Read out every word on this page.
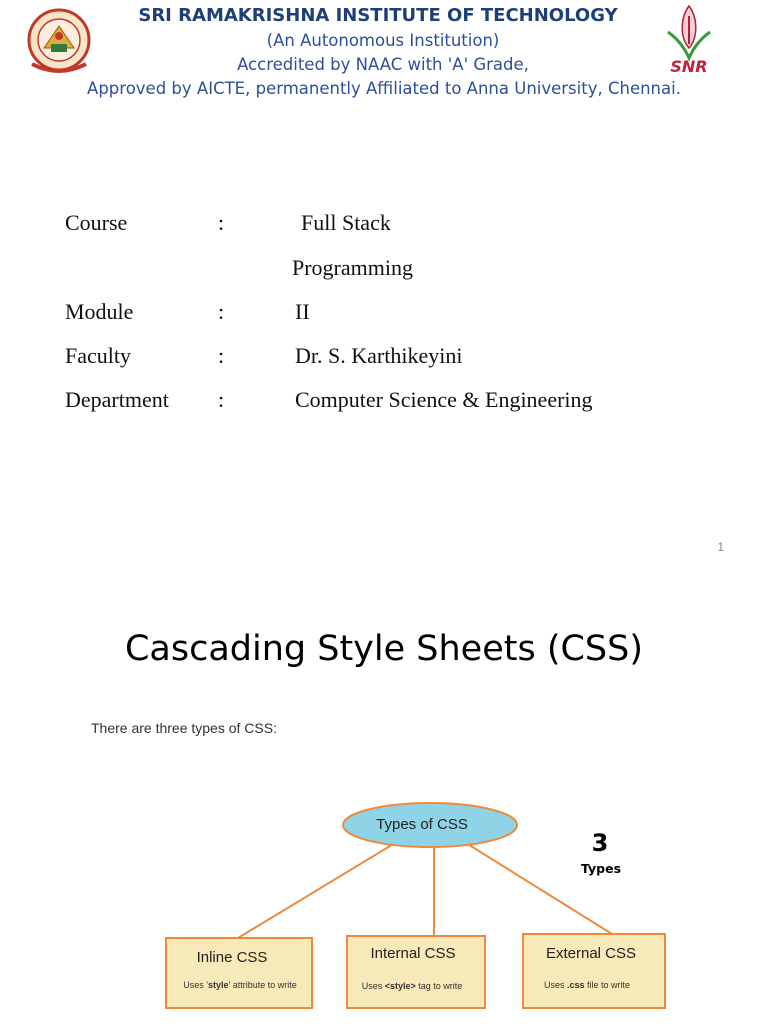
SNR
SRI RAMAKRISHNA INSTITUTE OF TECHNOLOGY
(An Autonomous Institution)
Accredited by NAAC with 'A' Grade,
Approved by AICTE, permanently Affiliated to Anna University, Chennai.
Course	:	Full Stack
Programming
Module	:	II
Faculty	:	Dr. S. Karthikeyini
Department :	Computer Science & Engineering
1
Cascading Style Sheets (CSS)
There are three types of CSS:
Types of CSS
3
Types
Inline CSS
Uses 'style' attribute to write
Internal CSS
Uses <style> tag to write
External CSS
Uses .css file to write
